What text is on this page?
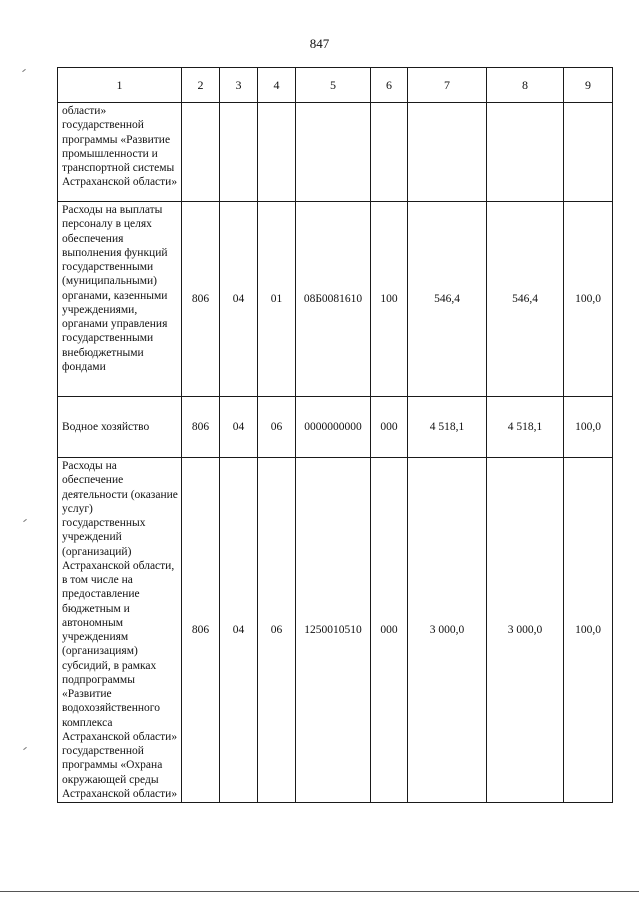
847
1	2	3	4	5	6	7	8	9
области» государственной программы «Развитие промышленности и транспортной системы Астраханской области»								
Расходы на выплаты персоналу в целях обеспечения выполнения функций государственными (муниципальными) органами, казенными учреждениями, органами управления государственными внебюджетными фондами	806	04	01	08Б0081610	100	546,4	546,4	100,0
Водное хозяйство	806	04	06	0000000000	000	4 518,1	4 518,1	100,0
Расходы на обеспечение деятельности (оказание услуг) государственных учреждений (организаций) Астраханской области, в том числе на предоставление бюджетным и автономным учреждениям (организациям) субсидий, в рамках подпрограммы «Развитие водохозяйственного комплекса Астраханской области» государственной программы «Охрана окружающей среды Астраханской области»	806	04	06	1250010510	000	3 000,0	3 000,0	100,0
